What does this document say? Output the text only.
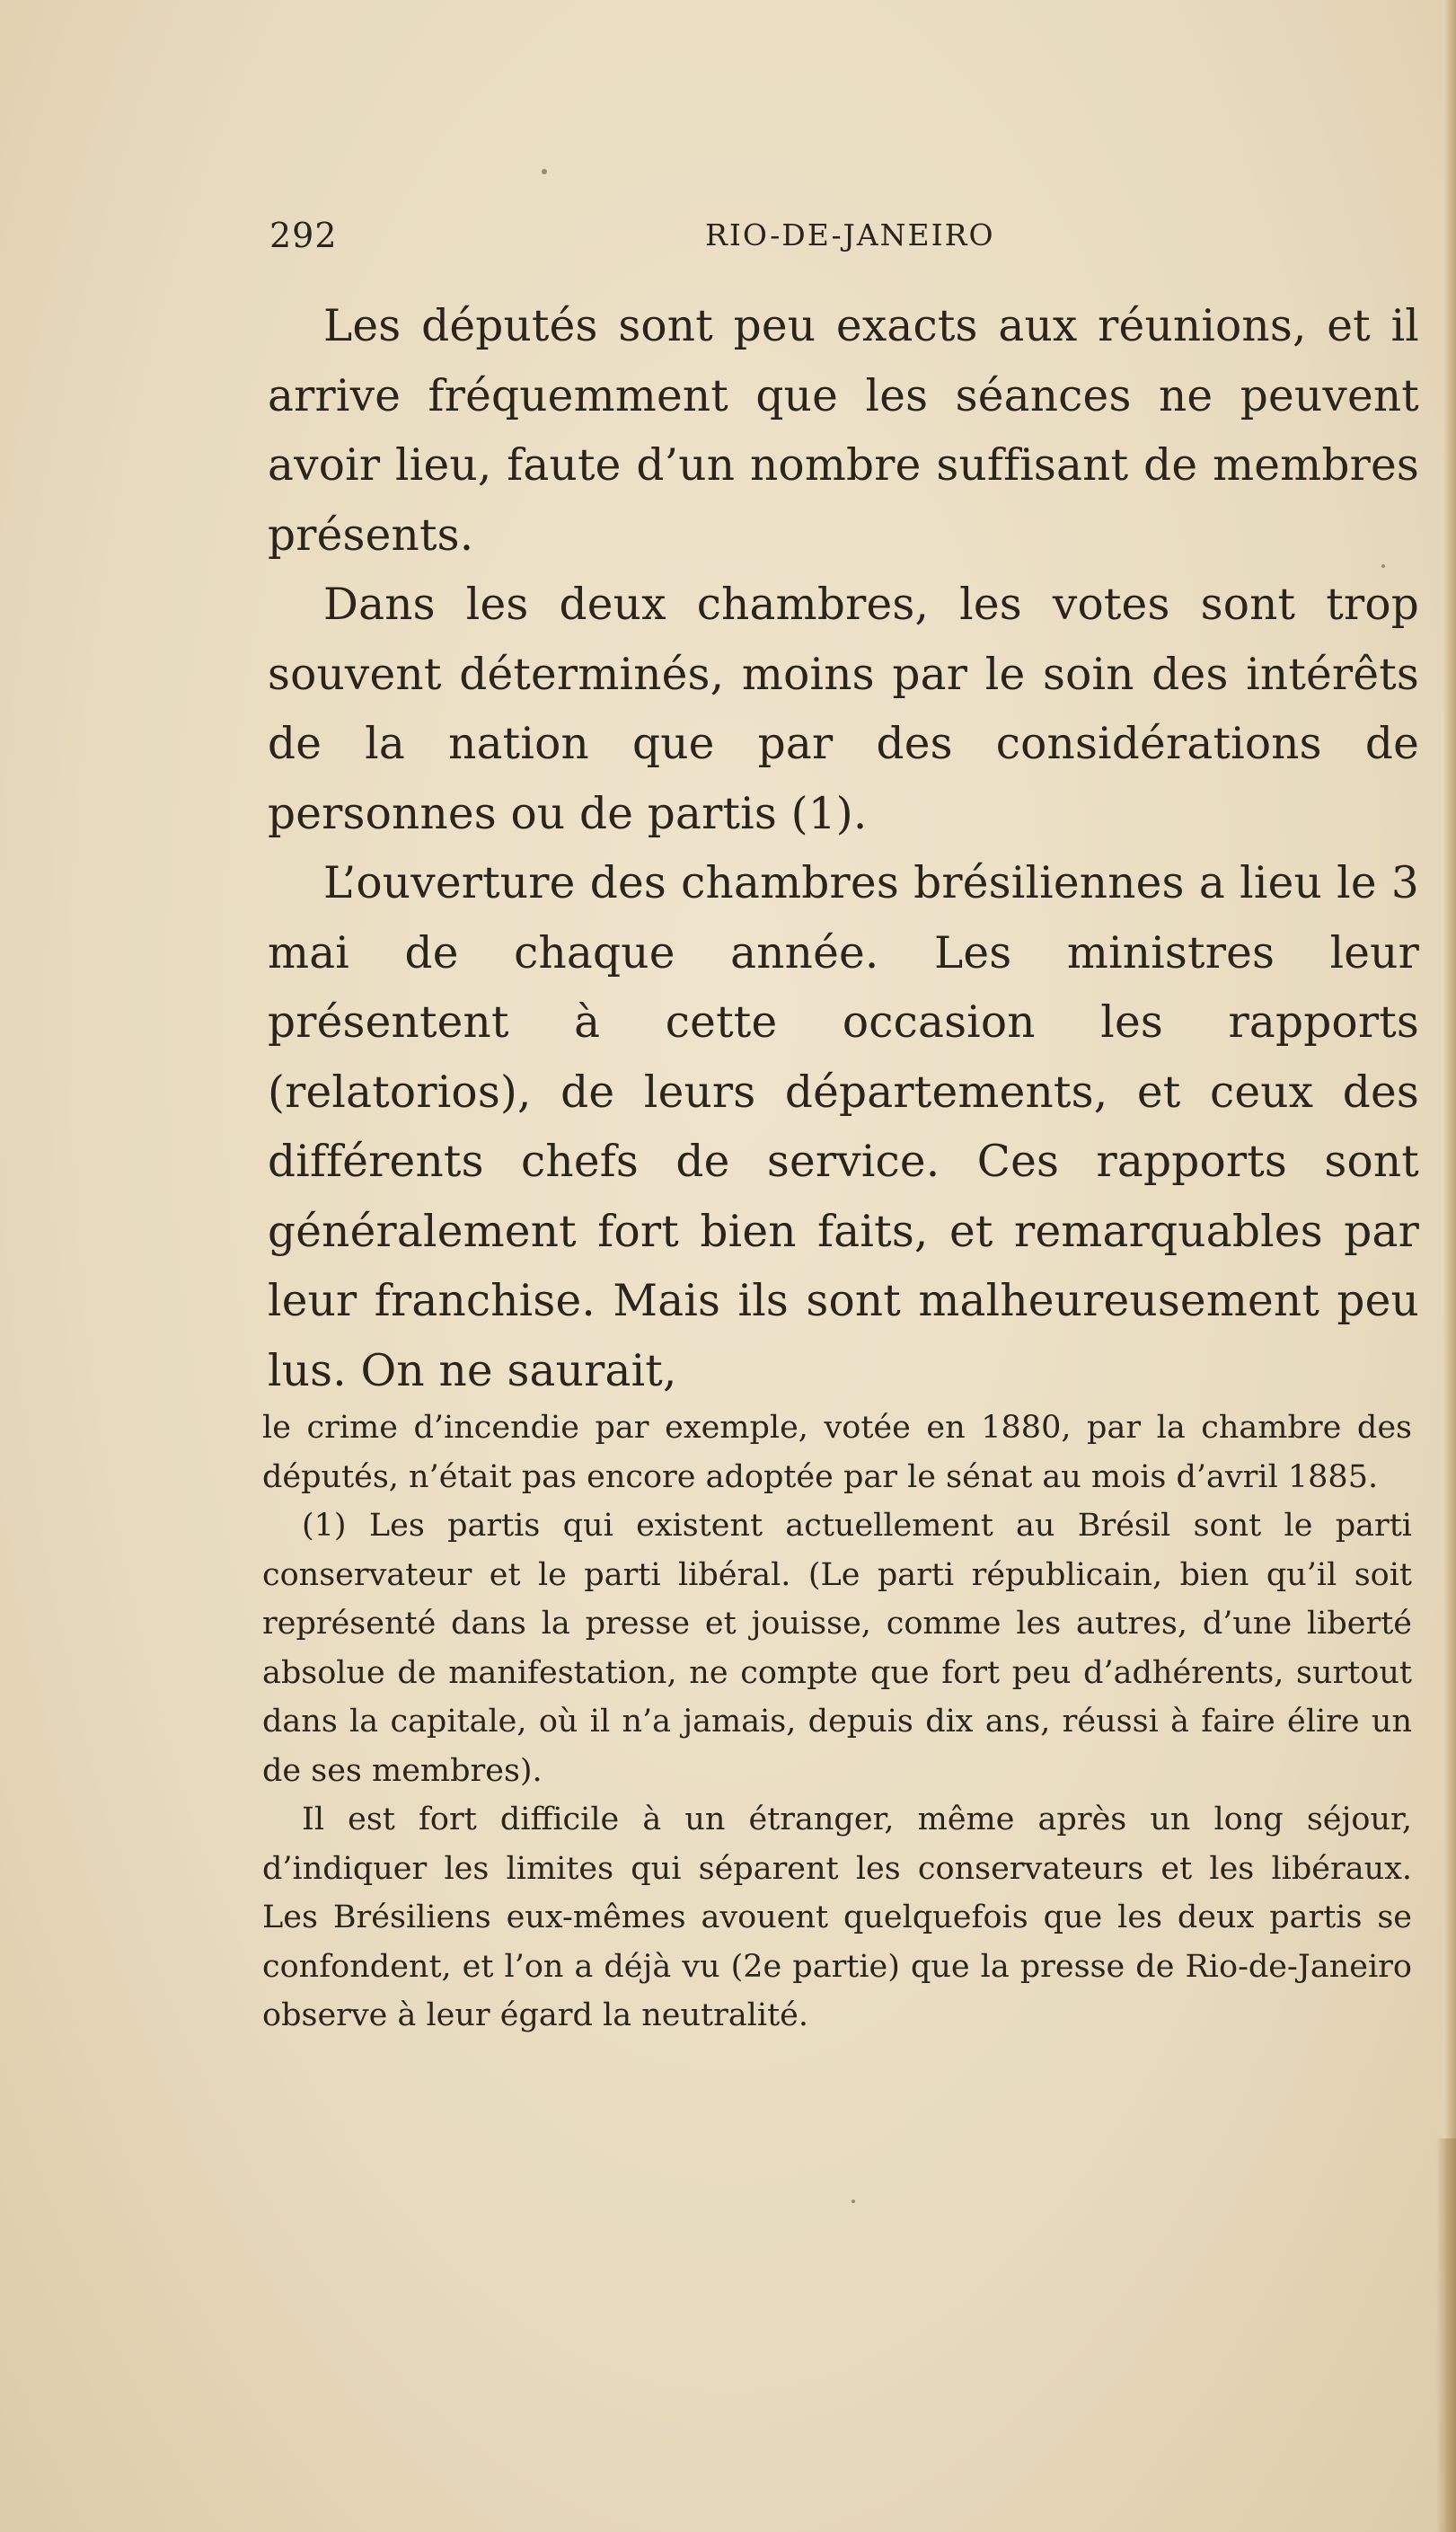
292	RIO-DE-JANEIRO

Les députés sont peu exacts aux réunions, et il arrive fréquemment que les séances ne peuvent avoir lieu, faute d’un nombre suffisant de membres présents.

Dans les deux chambres, les votes sont trop souvent déterminés, moins par le soin des intérêts de la nation que par des considérations de personnes ou de partis (1).

L’ouverture des chambres brésiliennes a lieu le 3 mai de chaque année. Les ministres leur présentent à cette occasion les rapports (relatorios), de leurs départements, et ceux des différents chefs de service. Ces rapports sont généralement fort bien faits, et remarquables par leur franchise. Mais ils sont malheureusement peu lus. On ne saurait,

le crime d’incendie par exemple, votée en 1880, par la chambre des députés, n’était pas encore adoptée par le sénat au mois d’avril 1885.

(1) Les partis qui existent actuellement au Brésil sont le parti conservateur et le parti libéral. (Le parti républicain, bien qu’il soit représenté dans la presse et jouisse, comme les autres, d’une liberté absolue de manifestation, ne compte que fort peu d’adhérents, surtout dans la capitale, où il n’a jamais, depuis dix ans, réussi à faire élire un de ses membres).

Il est fort difficile à un étranger, même après un long séjour, d’indiquer les limites qui séparent les conservateurs et les libéraux. Les Brésiliens eux-mêmes avouent quelquefois que les deux partis se confondent, et l’on a déjà vu (2e partie) que la presse de Rio-de-Janeiro observe à leur égard la neutralité.
